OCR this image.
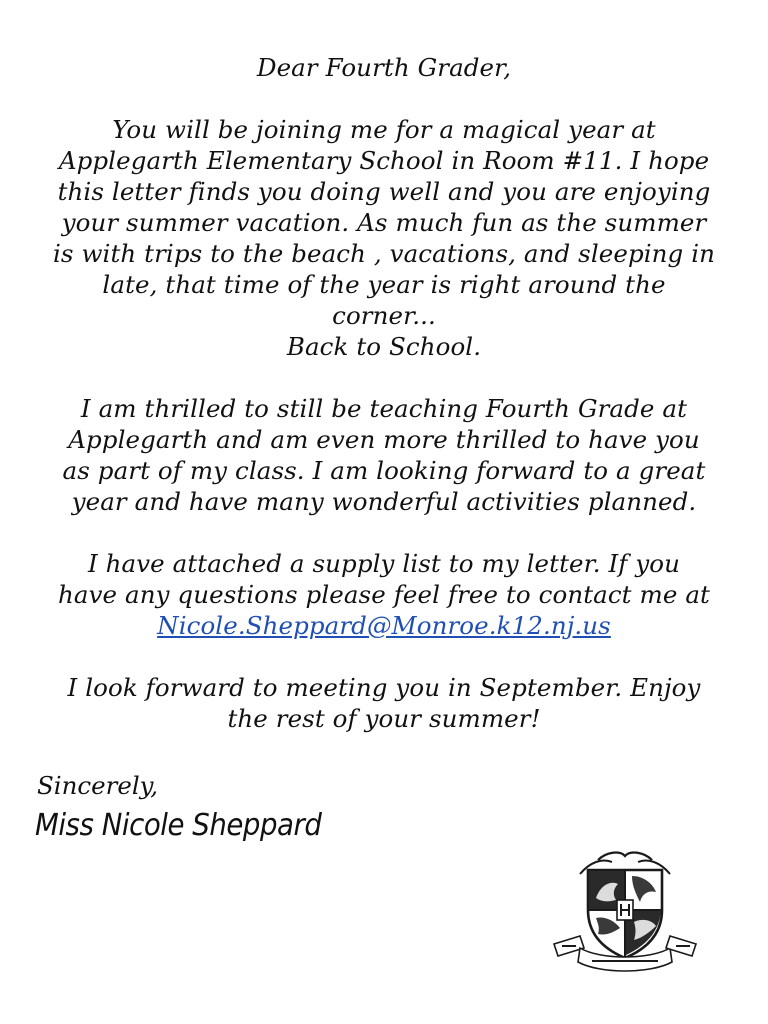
Dear Fourth Grader,
You will be joining me for a magical year at
Applegarth Elementary School in Room #11. I hope
this letter finds you doing well and you are enjoying
your summer vacation. As much fun as the summer
is with trips to the beach , vacations, and sleeping in
late, that time of the year is right around the
corner...
Back to School.
I am thrilled to still be teaching Fourth Grade at
Applegarth and am even more thrilled to have you
as part of my class. I am looking forward to a great
year and have many wonderful activities planned.
I have attached a supply list to my letter. If you
have any questions please feel free to contact me at
Nicole.Sheppard@Monroe.k12.nj.us
I look forward to meeting you in September. Enjoy
the rest of your summer!
Sincerely,
Miss Nicole Sheppard
